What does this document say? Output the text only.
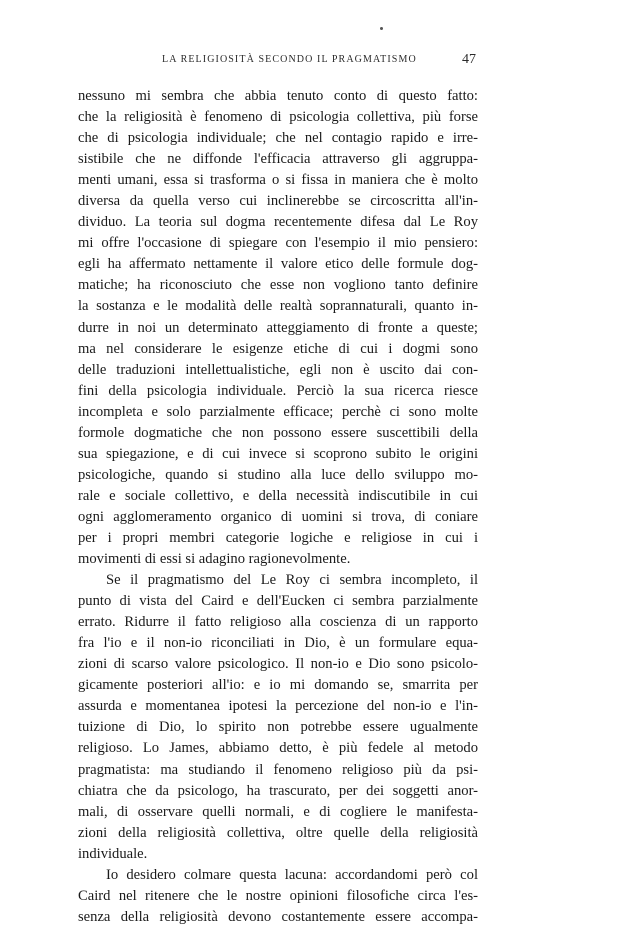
LA RELIGIOSITÀ SECONDO IL PRAGMATISMO	47
nessuno mi sembra che abbia tenuto conto di questo fatto:
che la religiosità è fenomeno di psicologia collettiva, più forse
che di psicologia individuale; che nel contagio rapido e irre-
sistibile che ne diffonde l'efficacia attraverso gli aggruppa-
menti umani, essa si trasforma o si fissa in maniera che è molto
diversa da quella verso cui inclinerebbe se circoscritta all'in-
dividuo. La teoria sul dogma recentemente difesa dal Le Roy
mi offre l'occasione di spiegare con l'esempio il mio pensiero:
egli ha affermato nettamente il valore etico delle formule dog-
matiche; ha riconosciuto che esse non vogliono tanto definire
la sostanza e le modalità delle realtà soprannaturali, quanto in-
durre in noi un determinato atteggiamento di fronte a queste;
ma nel considerare le esigenze etiche di cui i dogmi sono
delle traduzioni intellettualistiche, egli non è uscito dai con-
fini della psicologia individuale. Perciò la sua ricerca riesce
incompleta e solo parzialmente efficace; perchè ci sono molte
formole dogmatiche che non possono essere suscettibili della
sua spiegazione, e di cui invece si scoprono subito le origini
psicologiche, quando si studino alla luce dello sviluppo mo-
rale e sociale collettivo, e della necessità indiscutibile in cui
ogni agglomeramento organico di uomini si trova, di coniare
per i propri membri categorie logiche e religiose in cui i
movimenti di essi si adagino ragionevolmente.
Se il pragmatismo del Le Roy ci sembra incompleto, il
punto di vista del Caird e dell'Eucken ci sembra parzialmente
errato. Ridurre il fatto religioso alla coscienza di un rapporto
fra l'io e il non-io riconciliati in Dio, è un formulare equa-
zioni di scarso valore psicologico. Il non-io e Dio sono psicolo-
gicamente posteriori all'io: e io mi domando se, smarrita per
assurda e momentanea ipotesi la percezione del non-io e l'in-
tuizione di Dio, lo spirito non potrebbe essere ugualmente
religioso. Lo James, abbiamo detto, è più fedele al metodo
pragmatista: ma studiando il fenomeno religioso più da psi-
chiatra che da psicologo, ha trascurato, per dei soggetti anor-
mali, di osservare quelli normali, e di cogliere le manifesta-
zioni della religiosità collettiva, oltre quelle della religiosità
individuale.
Io desidero colmare questa lacuna: accordandomi però col
Caird nel ritenere che le nostre opinioni filosofiche circa l'es-
senza della religiosità devono costantemente essere accompa-
